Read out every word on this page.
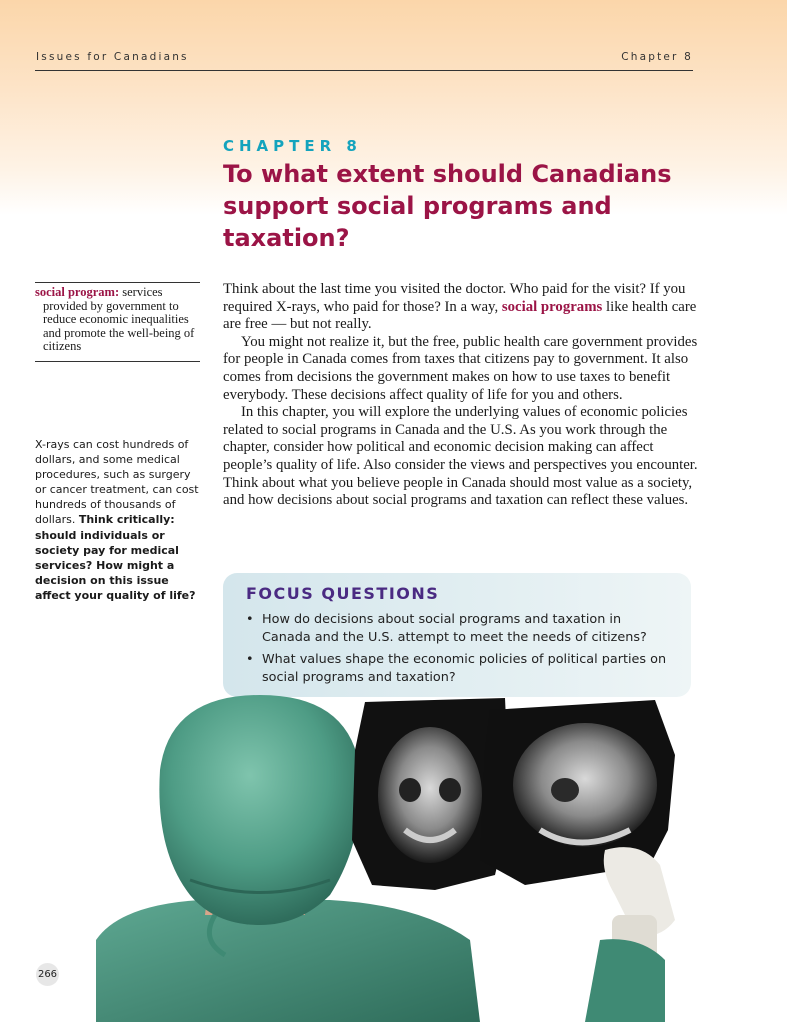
Issues for Canadians	Chapter 8
CHAPTER 8
To what extent should Canadians support social programs and taxation?
social program: services provided by government to reduce economic inequalities and promote the well-being of citizens
X-rays can cost hundreds of dollars, and some medical procedures, such as surgery or cancer treatment, can cost hundreds of thousands of dollars. Think critically: should individuals or society pay for medical services? How might a decision on this issue affect your quality of life?

Think about the last time you visited the doctor. Who paid for the visit? If you required X-rays, who paid for those? In a way, social programs like health care are free — but not really.

You might not realize it, but the free, public health care government provides for people in Canada comes from taxes that citizens pay to government. It also comes from decisions the government makes on how to use taxes to benefit everybody. These decisions affect quality of life for you and others.

In this chapter, you will explore the underlying values of economic policies related to social programs in Canada and the U.S. As you work through the chapter, consider how political and economic decision making can affect people’s quality of life. Also consider the views and perspectives you encounter. Think about what you believe people in Canada should most value as a society, and how decisions about social programs and taxation can reflect these values.

FOCUS QUESTIONS
• How do decisions about social programs and taxation in Canada and the U.S. attempt to meet the needs of citizens?
• What values shape the economic policies of political parties on social programs and taxation?
266
